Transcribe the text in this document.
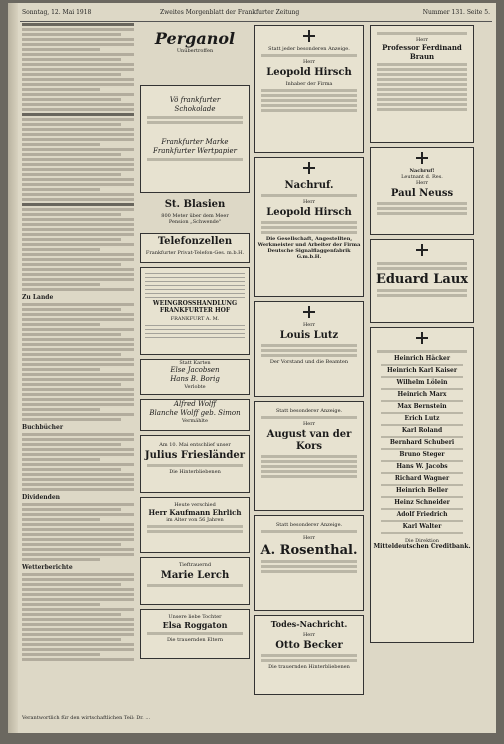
Sonntag, 12. Mai 1918	Zweites Morgenblatt der Frankfurter Zeitung	Nummer 131. Seite 5.
Zu Lande
Buchbücher
Dividenden
Wetterberichte
Verantwortlich für den wirtschaftlichen Teil: Dr. ...
Perganol
Unübertroffen
Vö frankfurter
Schokolade
Frankfurter Marke
Frankfurter Wertpapier
St. Blasien
800 Meter über dem Meer
Pension „Schwende"
Telefonzellen
Frankfurter Privat-Telefon-Ges. m.b.H.
WEINGROSSHANDLUNG FRANKFURTER HOF
FRANKFURT A. M.
Statt Karten
Else Jacobsen
Hans B. Borig
Verlobte
Alfred Wolff
Blanche Wolff geb. Simon
Vermählte
Am 10. Mai entschlief unser
Julius Friesländer
Die Hinterbliebenen
Heute verschied
Herr Kaufmann Ehrlich
im Alter von 56 Jahren
Tieftrauernd
Marie Lerch
Unsere liebe Tochter
Elsa Roggaton
Die trauernden Eltern
Statt jeder besonderen Anzeige.
Herr
Leopold Hirsch
Inhaber der Firma
Nachruf.
Herr
Leopold Hirsch
Die Gesellschaft, Angestellten, Werkmeister und Arbeiter der Firma Deutsche Signalflaggenfabrik G.m.b.H.
Herr
Louis Lutz
Der Vorstand und die Beamten
Statt besonderer Anzeige.
Herr
August van der Kors
Statt besonderer Anzeige.
Herr
A. Rosenthal.
Todes-Nachricht.
Herr
Otto Becker
Die trauernden Hinterbliebenen
Herr
Professor Ferdinand Braun
Nachruf!
Leutnant d. Res.
Herr
Paul Neuss
Eduard Laux
Heinrich Häcker
Heinrich Karl Kaiser
Wilhelm Lölein
Heinrich Marx
Max Bernstein
Erich Lutz
Karl Roland
Bernhard Schuberi
Bruno Steger
Hans W. Jacobs
Richard Wagner
Heinrich Beller
Heinz Schneider
Adolf Friedrich
Karl Walter
Die Direktion
Mitteldeutschen Creditbank.
